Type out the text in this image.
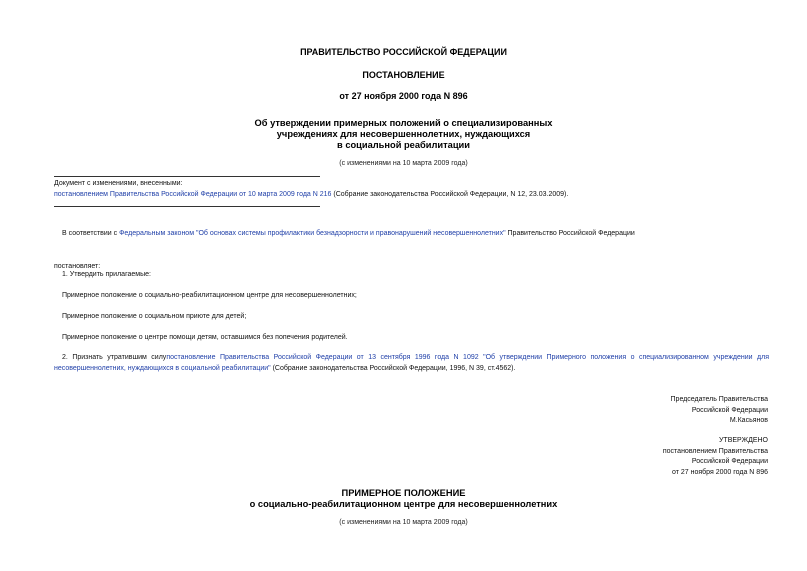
ПРАВИТЕЛЬСТВО РОССИЙСКОЙ ФЕДЕРАЦИИ
ПОСТАНОВЛЕНИЕ
от 27 ноября 2000 года N 896
Об утверждении примерных положений о специализированных
учреждениях для несовершеннолетних, нуждающихся
в социальной реабилитации
(с изменениями на 10 марта 2009 года)
Документ с изменениями, внесенными:
постановлением Правительства Российской Федерации от 10 марта 2009 года N 216 (Собрание законодательства Российской Федерации, N 12, 23.03.2009).
В соответствии с Федеральным законом "Об основах системы профилактики безнадзорности и правонарушений несовершеннолетних" Правительство Российской Федерации
постановляет:
1. Утвердить прилагаемые:
Примерное положение о социально-реабилитационном центре для несовершеннолетних;
Примерное положение о социальном приюте для детей;
Примерное положение о центре помощи детям, оставшимся без попечения родителей.
2. Признать утратившим силупостановление Правительства Российской Федерации от 13 сентября 1996 года N 1092 "Об утверждении Примерного положения о специализированном учреждении для несовершеннолетних, нуждающихся в социальной реабилитации" (Собрание законодательства Российской Федерации, 1996, N 39, ст.4562).
Председатель Правительства
Российской Федерации
М.Касьянов
УТВЕРЖДЕНО
постановлением Правительства
Российской Федерации
от 27 ноября 2000 года N 896
ПРИМЕРНОЕ ПОЛОЖЕНИЕ
о социально-реабилитационном центре для несовершеннолетних
(с изменениями на 10 марта 2009 года)
